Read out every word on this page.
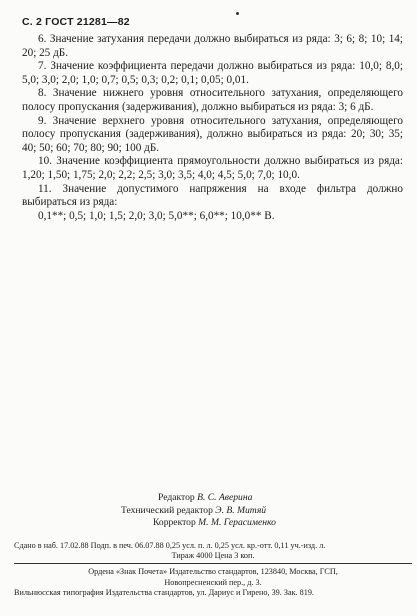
С. 2 ГОСТ 21281—82

6. Значение затухания передачи должно выбираться из ряда: 3; 6; 8; 10; 14; 20; 25 дБ.

7. Значение коэффициента передачи должно выбираться из ряда: 10,0; 8,0; 5,0; 3,0; 2,0; 1,0; 0,7; 0,5; 0,3; 0,2; 0,1; 0,05; 0,01.

8. Значение нижнего уровня относительного затухания, определяющего полосу пропускания (задерживания), должно выбираться из ряда: 3; 6 дБ.

9. Значение верхнего уровня относительного затухания, определяющего полосу пропускания (задерживания), должно выбираться из ряда: 20; 30; 35; 40; 50; 60; 70; 80; 90; 100 дБ.

10. Значение коэффициента прямоугольности должно выбираться из ряда: 1,20; 1,50; 1,75; 2,0; 2,2; 2,5; 3,0; 3,5; 4,0; 4,5; 5,0; 7,0; 10,0.

11. Значение допустимого напряжения на входе фильтра должно выбираться из ряда:

0,1**; 0,5; 1,0; 1,5; 2,0; 3,0; 5,0**; 6,0**; 10,0** В.

Редактор В. С. Аверина
Технический редактор Э. В. Митяй
Корректор М. М. Герасименко
Сдано в наб. 17.02.88 Подп. в печ. 06.07.88 0,25 усл. п. л. 0,25 усл. кр.-отт. 0,11 уч.-изд. л.
Тираж 4000 Цена 3 коп.
Ордена «Знак Почета» Издательство стандартов, 123840, Москва, ГСП,
Новопресненский пер., д. 3.
Вильнюсская типография Издательства стандартов, ул. Дариус и Гирено, 39. Зак. 819.
